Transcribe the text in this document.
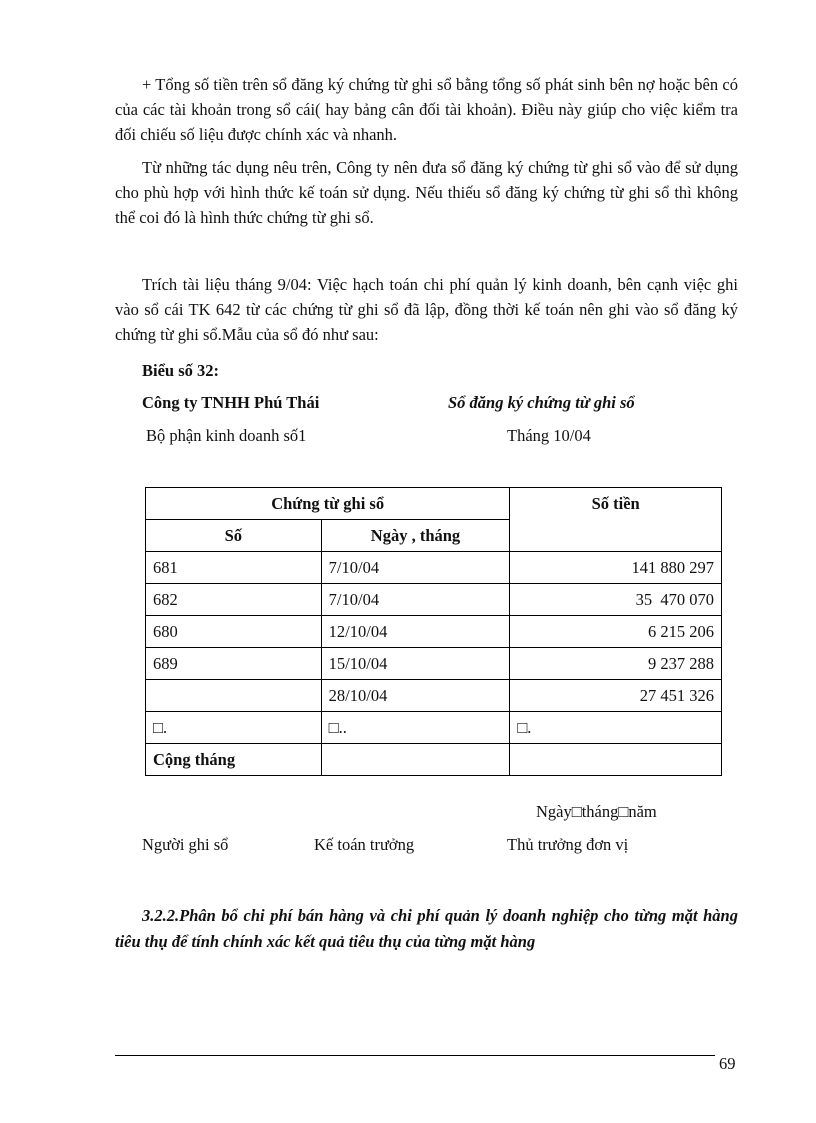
+ Tổng số tiền trên sổ đăng ký chứng từ ghi sổ bằng tổng số phát sinh bên nợ hoặc bên có của các tài khoản trong sổ cái( hay bảng cân đối tài khoản). Điều này giúp cho việc kiểm tra đối chiếu số liệu được chính xác và nhanh.

Từ những tác dụng nêu trên, Công ty nên đưa sổ đăng ký chứng từ ghi sổ vào để sử dụng cho phù hợp với hình thức kế toán sử dụng. Nếu thiếu sổ đăng ký chứng từ ghi sổ thì không thể coi đó là hình thức chứng từ ghi sổ.

Trích tài liệu tháng 9/04: Việc hạch toán chi phí quản lý kinh doanh, bên cạnh việc ghi vào sổ cái TK 642 từ các chứng từ ghi sổ đã lập, đồng thời kế toán nên ghi vào sổ đăng ký chứng từ ghi sổ.Mẫu của sổ đó như sau:

Biểu số 32:

Công ty TNHH Phú Thái	Sổ đăng ký chứng từ ghi sổ

Bộ phận kinh doanh số1	Tháng 10/04

Chứng từ ghi sổ		Số tiền
Số	Ngày , tháng	
681	7/10/04	141 880 297
682	7/10/04	35  470 070
680	12/10/04	6 215 206
689	15/10/04	9 237 288
	28/10/04	27 451 326
□.	□..	□.
Cộng tháng		

Ngày□tháng□năm

Người ghi sổ	Kế toán trưởng	Thủ trưởng đơn vị

3.2.2.Phân bổ chi phí bán hàng và chi phí quản lý doanh nghiệp cho từng mặt hàng tiêu thụ để tính chính xác kết quả tiêu thụ của từng mặt hàng

69
